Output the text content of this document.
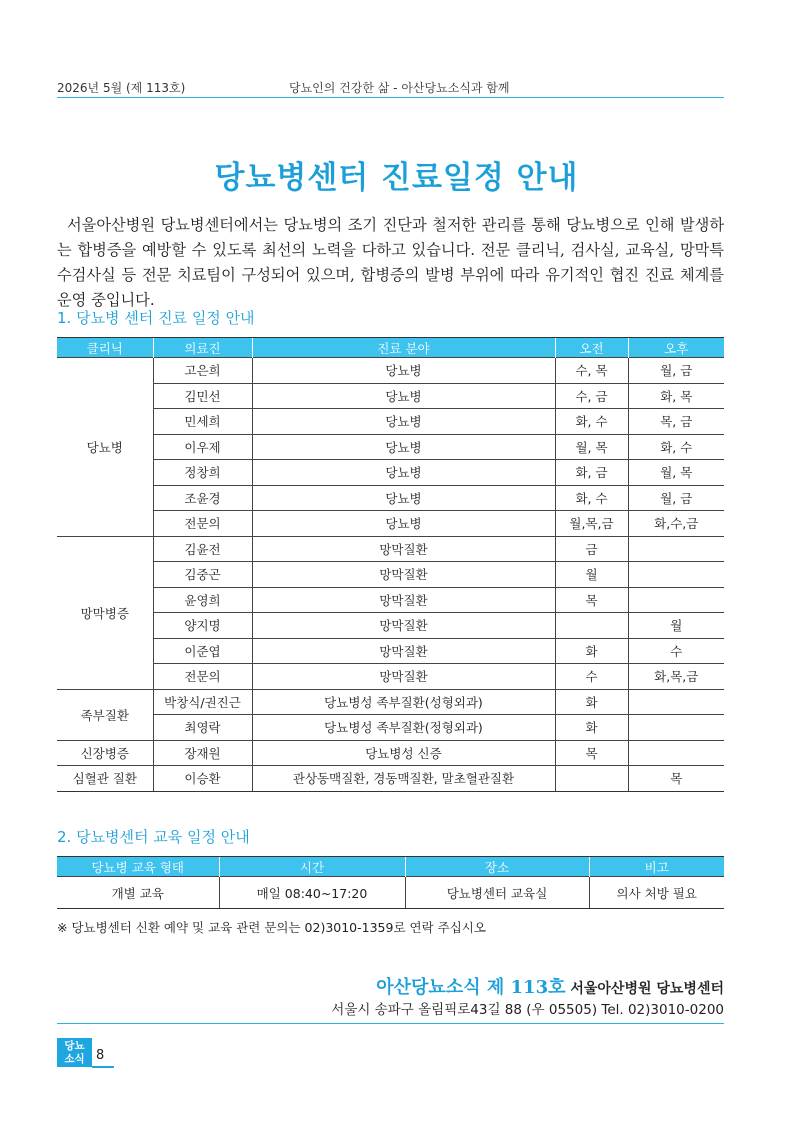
2026년 5월 (제 113호)	당뇨인의 건강한 삶 - 아산당뇨소식과 함께
당뇨병센터 진료일정 안내

서울아산병원 당뇨병센터에서는 당뇨병의 조기 진단과 철저한 관리를 통해 당뇨병으로 인해 발생하는 합병증을 예방할 수 있도록 최선의 노력을 다하고 있습니다. 전문 클리닉, 검사실, 교육실, 망막특수검사실 등 전문 치료팀이 구성되어 있으며, 합병증의 발병 부위에 따라 유기적인 협진 진료 체계를 운영 중입니다.

1. 당뇨병 센터 진료 일정 안내
클리닉	의료진	진료 분야	오전	오후
당뇨병	고은희	당뇨병	수, 목	월, 금
	김민선	당뇨병	수, 금	화, 목
	민세희	당뇨병	화, 수	목, 금
	이우제	당뇨병	월, 목	화, 수
	정창희	당뇨병	화, 금	월, 목
	조윤경	당뇨병	화, 수	월, 금
	전문의	당뇨병	월,목,금	화,수,금
망막병증	김윤전	망막질환	금	
	김중곤	망막질환	월	
	윤영희	망막질환	목	
	양지명	망막질환		월
	이준엽	망막질환	화	수
	전문의	망막질환	수	화,목,금
족부질환	박창식/권진근	당뇨병성 족부질환(성형외과)	화	
	최영락	당뇨병성 족부질환(정형외과)	화	
신장병증	장재원	당뇨병성 신증	목	
심혈관 질환	이승환	관상동맥질환, 경동맥질환, 말초혈관질환		목
2. 당뇨병센터 교육 일정 안내
당뇨병 교육 형태	시간	장소	비고
개별 교육	매일 08:40~17:20	당뇨병센터 교육실	의사 처방 필요
※ 당뇨병센터 신환 예약 및 교육 관련 문의는 02)3010-1359로 연락 주십시오
아산당뇨소식 제 113호 서울아산병원 당뇨병센터
서울시 송파구 올림픽로43길 88 (우 05505) Tel. 02)3010-0200
당뇨
소식 8
